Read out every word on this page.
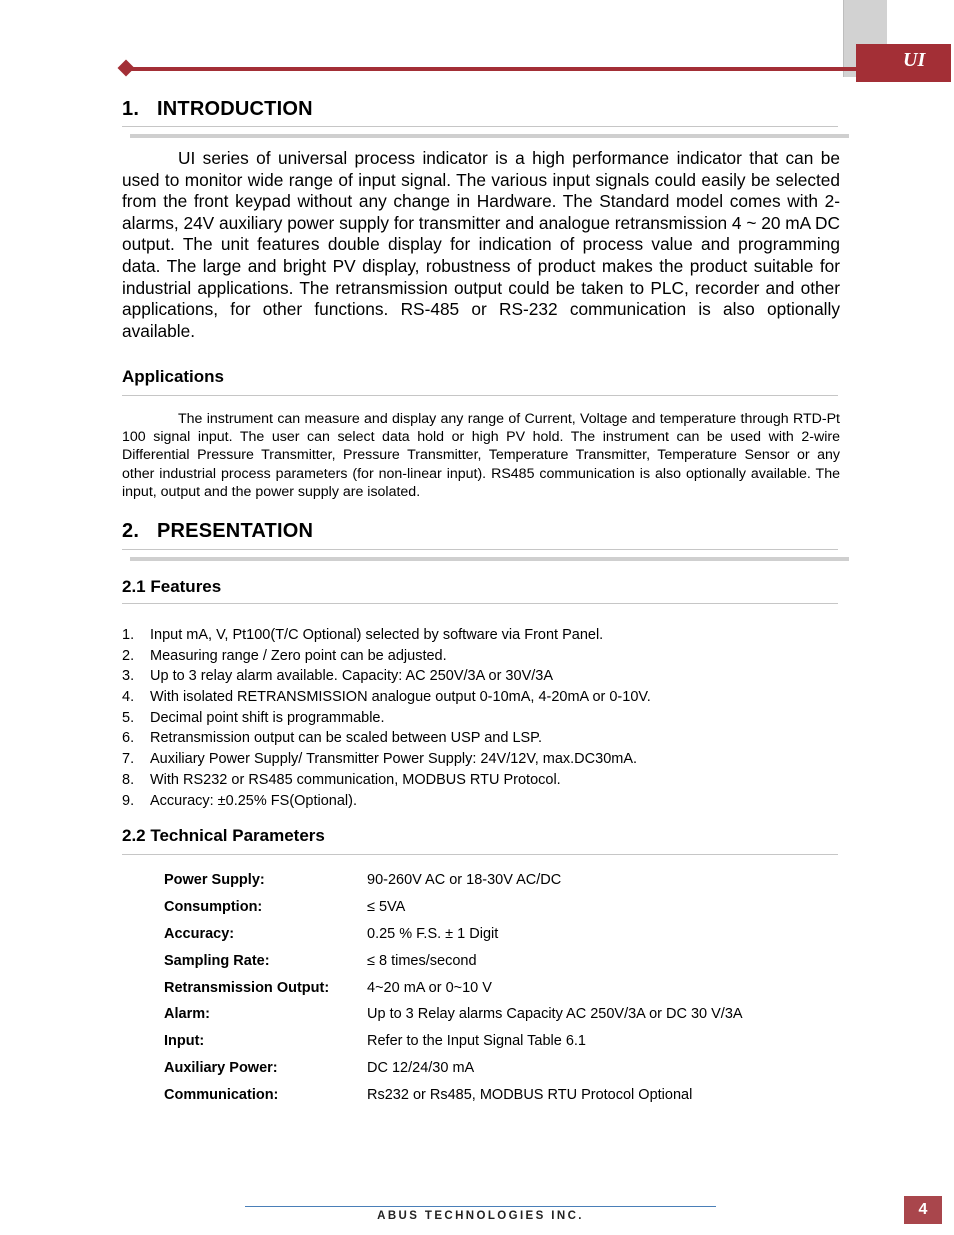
UI
1. INTRODUCTION
UI series of universal process indicator is a high performance indicator that can be used to monitor wide range of input signal. The various input signals could easily be selected from the front keypad without any change in Hardware. The Standard model comes with 2-alarms, 24V auxiliary power supply for transmitter and analogue retransmission 4 ~ 20 mA DC output. The unit features double display for indication of process value and programming data. The large and bright PV display, robustness of product makes the product suitable for industrial applications. The retransmission output could be taken to PLC, recorder and other applications, for other functions. RS-485 or RS-232 communication is also optionally available.
Applications
The instrument can measure and display any range of Current, Voltage and temperature through RTD-Pt 100 signal input. The user can select data hold or high PV hold. The instrument can be used with 2-wire Differential Pressure Transmitter, Pressure Transmitter, Temperature Transmitter, Temperature Sensor or any other industrial process parameters (for non-linear input). RS485 communication is also optionally available. The input, output and the power supply are isolated.
2. PRESENTATION
2.1 Features
1. Input mA, V, Pt100(T/C Optional) selected by software via Front Panel.
2. Measuring range / Zero point can be adjusted.
3. Up to 3 relay alarm available. Capacity: AC 250V/3A or 30V/3A
4. With isolated RETRANSMISSION analogue output 0-10mA, 4-20mA or 0-10V.
5. Decimal point shift is programmable.
6. Retransmission output can be scaled between USP and LSP.
7. Auxiliary Power Supply/ Transmitter Power Supply: 24V/12V, max.DC30mA.
8. With RS232 or RS485 communication, MODBUS RTU Protocol.
9. Accuracy: ±0.25% FS(Optional).
2.2 Technical Parameters
Power Supply:	90-260V AC or 18-30V AC/DC
Consumption:	≤ 5VA
Accuracy:	0.25 % F.S. ± 1 Digit
Sampling Rate:	≤ 8 times/second
Retransmission Output:	4~20 mA or 0~10 V
Alarm:	Up to 3 Relay alarms Capacity AC 250V/3A or DC 30 V/3A
Input:	Refer to the Input Signal Table 6.1
Auxiliary Power:	DC 12/24/30 mA
Communication:	Rs232 or Rs485, MODBUS RTU Protocol Optional
ABUS TECHNOLOGIES INC.	4
